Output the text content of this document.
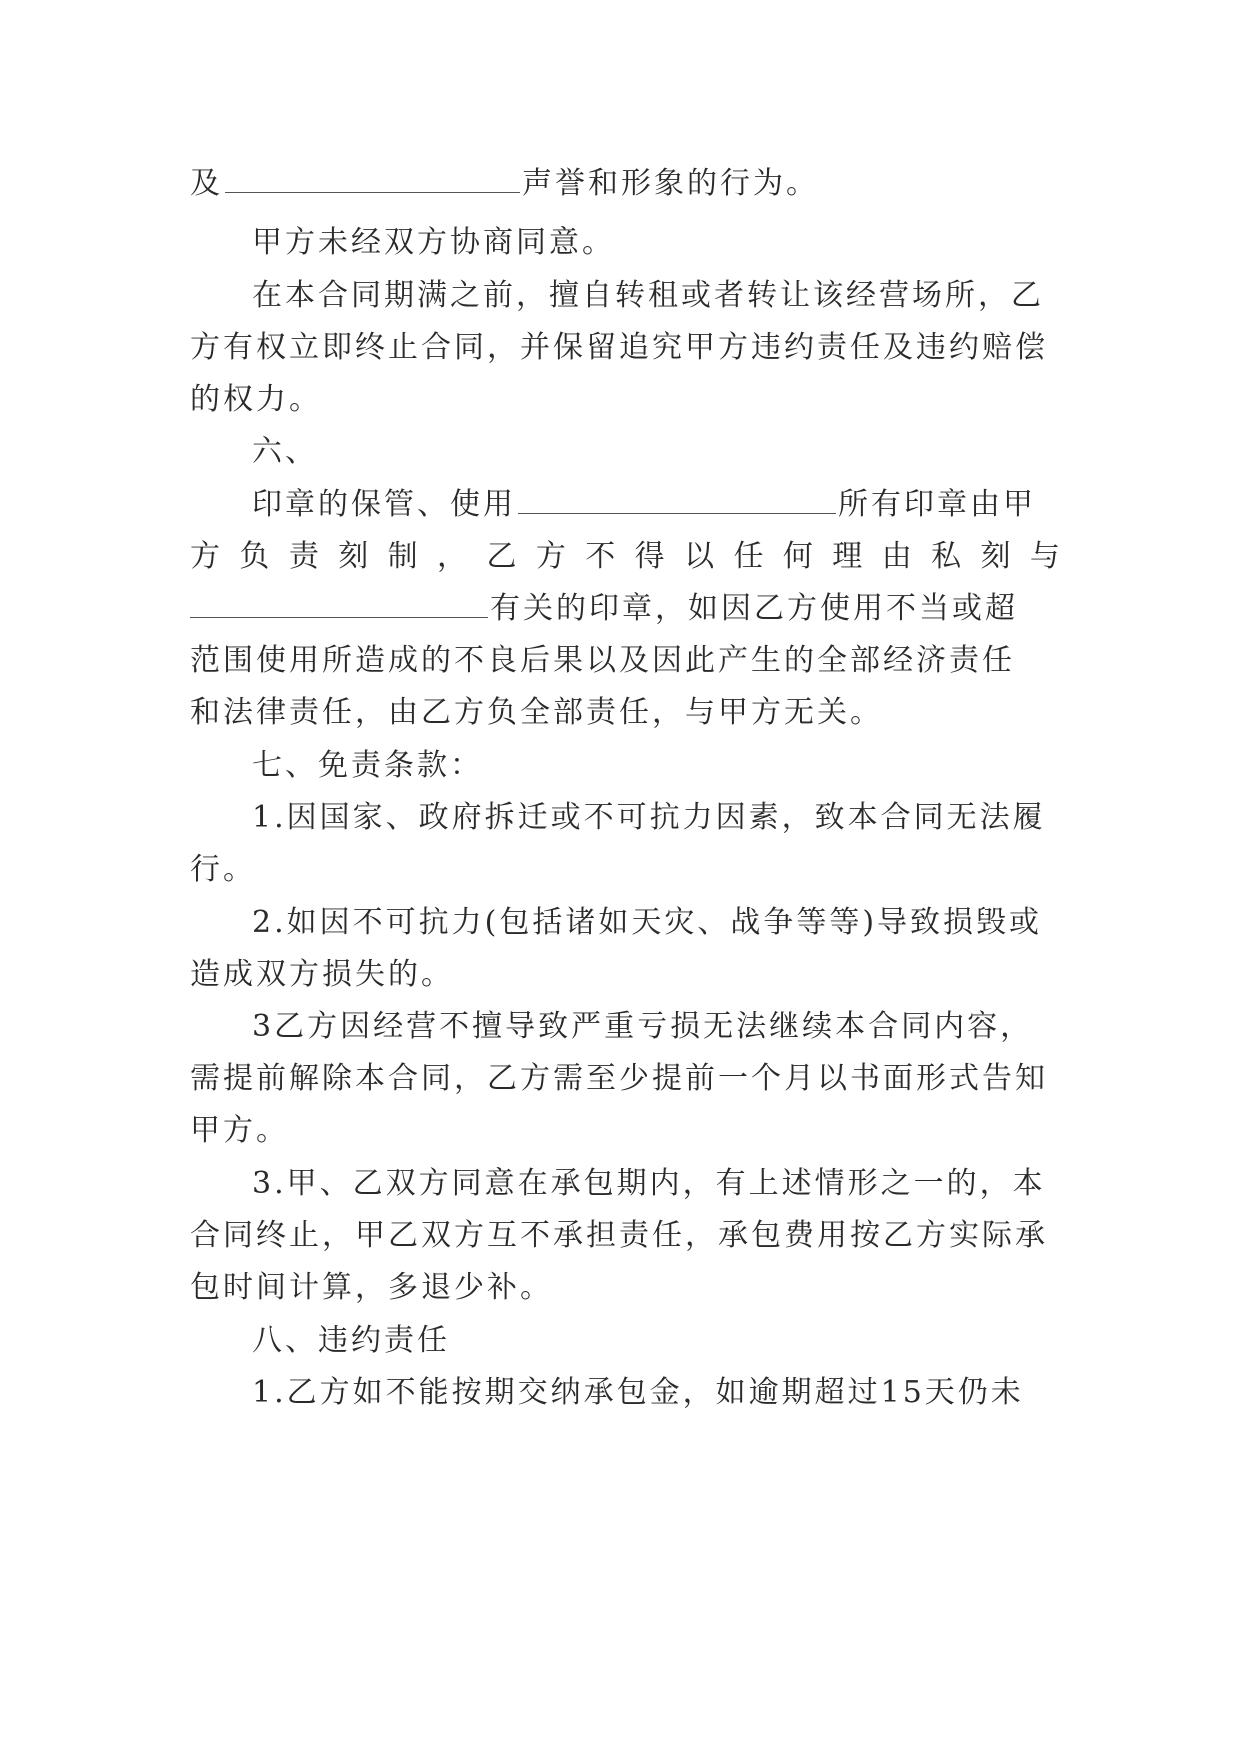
及	声誉和形象的行为。
甲方未经双方协商同意。
在本合同期满之前，擅自转租或者转让该经营场所，乙
方有权立即终止合同，并保留追究甲方违约责任及违约赔偿
的权力。
六、
印章的保管、使用	所有印章由甲
方 负 责 刻 制 ， 乙 方 不 得 以 任 何 理 由 私 刻 与
有关的印章，如因乙方使用不当或超
范围使用所造成的不良后果以及因此产生的全部经济责任
和法律责任，由乙方负全部责任，与甲方无关。
七、免责条款：
1.因国家、政府拆迁或不可抗力因素，致本合同无法履
行。
2.如因不可抗力(包括诸如天灾、战争等等)导致损毁或
造成双方损失的。
3乙方因经营不擅导致严重亏损无法继续本合同内容，
需提前解除本合同，乙方需至少提前一个月以书面形式告知
甲方。
3.甲、乙双方同意在承包期内，有上述情形之一的，本
合同终止，甲乙双方互不承担责任，承包费用按乙方实际承
包时间计算，多退少补。
八、违约责任
1.乙方如不能按期交纳承包金，如逾期超过15天仍未
